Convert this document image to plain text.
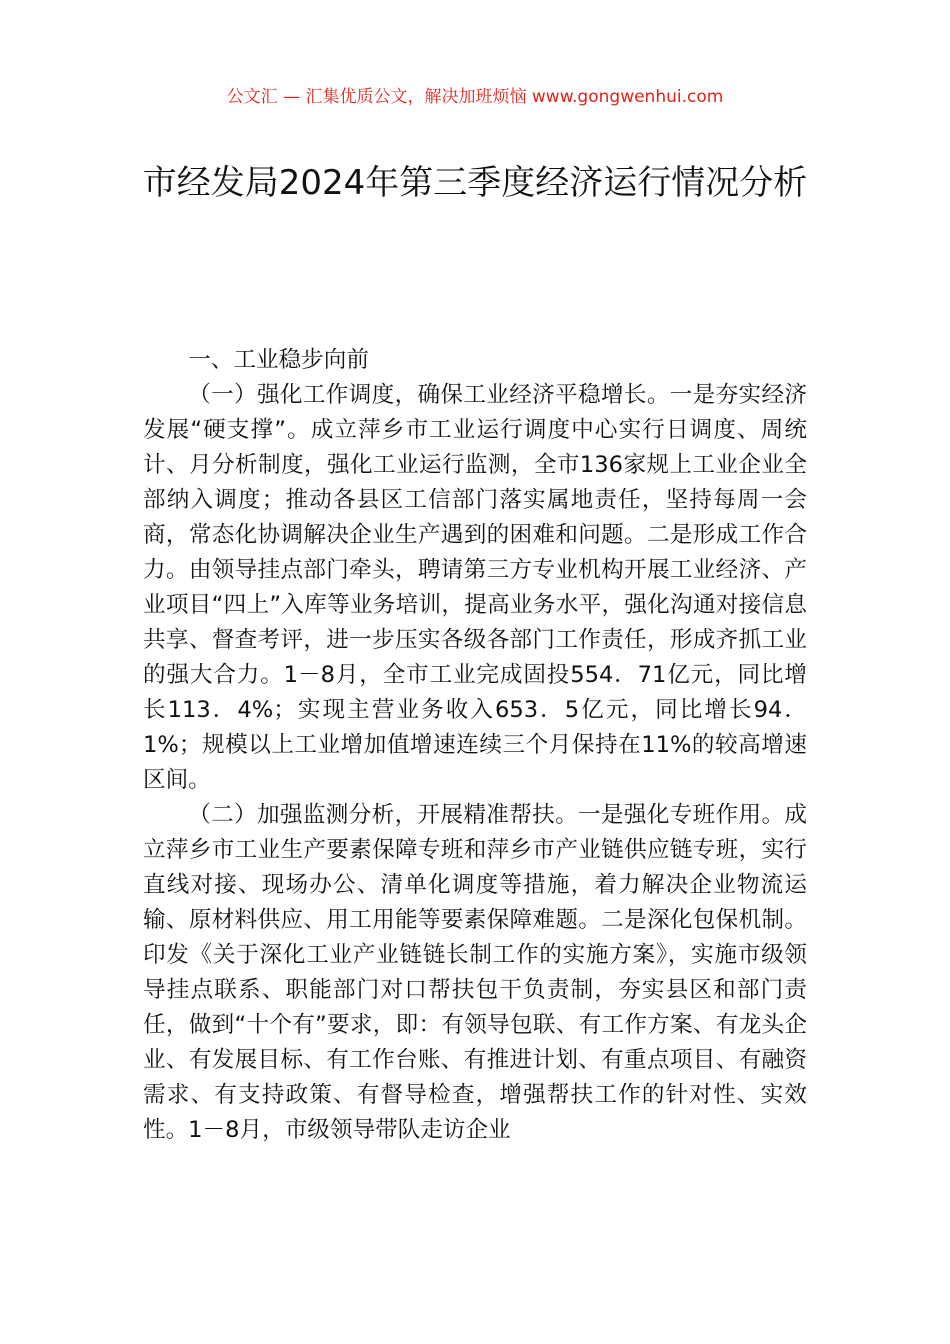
公文汇 — 汇集优质公文，解决加班烦恼 www.gongwenhui.com
市经发局2024年第三季度经济运行情况分析
一、工业稳步向前

（一）强化工作调度，确保工业经济平稳增长。一是夯实经济发展“硬支撑”。成立萍乡市工业运行调度中心实行日调度、周统计、月分析制度，强化工业运行监测，全市136家规上工业企业全部纳入调度；推动各县区工信部门落实属地责任，坚持每周一会商，常态化协调解决企业生产遇到的困难和问题。二是形成工作合力。由领导挂点部门牵头，聘请第三方专业机构开展工业经济、产业项目“四上”入库等业务培训，提高业务水平，强化沟通对接信息共享、督查考评，进一步压实各级各部门工作责任，形成齐抓工业的强大合力。1－8月，全市工业完成固投554．71亿元，同比增长113．4%；实现主营业务收入653．5亿元，同比增长94．1%；规模以上工业增加值增速连续三个月保持在11%的较高增速区间。

（二）加强监测分析，开展精准帮扶。一是强化专班作用。成立萍乡市工业生产要素保障专班和萍乡市产业链供应链专班，实行直线对接、现场办公、清单化调度等措施，着力解决企业物流运输、原材料供应、用工用能等要素保障难题。二是深化包保机制。印发《关于深化工业产业链链长制工作的实施方案》，实施市级领导挂点联系、职能部门对口帮扶包干负责制，夯实县区和部门责任，做到“十个有”要求，即：有领导包联、有工作方案、有龙头企业、有发展目标、有工作台账、有推进计划、有重点项目、有融资需求、有支持政策、有督导检查，增强帮扶工作的针对性、实效性。1－8月，市级领导带队走访企业
